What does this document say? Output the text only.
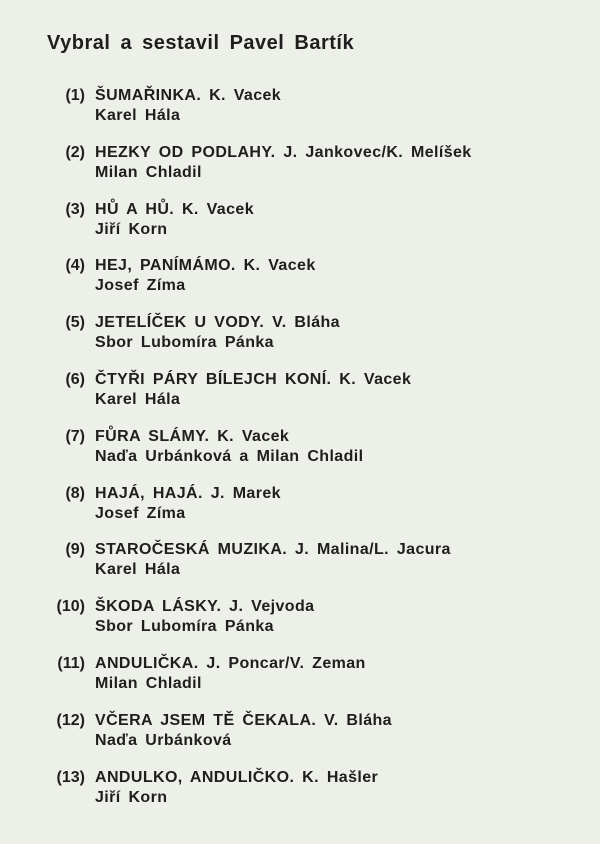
Vybral a sestavil Pavel Bartík
(1) ŠUMAŘINKA. K. Vacek
Karel Hála
(2) HEZKY OD PODLAHY. J. Jankovec/K. Melíšek
Milan Chladil
(3) HŮ A HŮ. K. Vacek
Jiří Korn
(4) HEJ, PANÍMÁMO. K. Vacek
Josef Zíma
(5) JETELÍČEK U VODY. V. Bláha
Sbor Lubomíra Pánka
(6) ČTYŘI PÁRY BÍLEJCH KONÍ. K. Vacek
Karel Hála
(7) FŮRA SLÁMY. K. Vacek
Naďa Urbánková a Milan Chladil
(8) HAJÁ, HAJÁ. J. Marek
Josef Zíma
(9) STAROČESKÁ MUZIKA. J. Malina/L. Jacura
Karel Hála
(10) ŠKODA LÁSKY. J. Vejvoda
Sbor Lubomíra Pánka
(11) ANDULIČKA. J. Poncar/V. Zeman
Milan Chladil
(12) VČERA JSEM TĚ ČEKALA. V. Bláha
Naďa Urbánková
(13) ANDULKO, ANDULIČKO. K. Hašler
Jiří Korn
